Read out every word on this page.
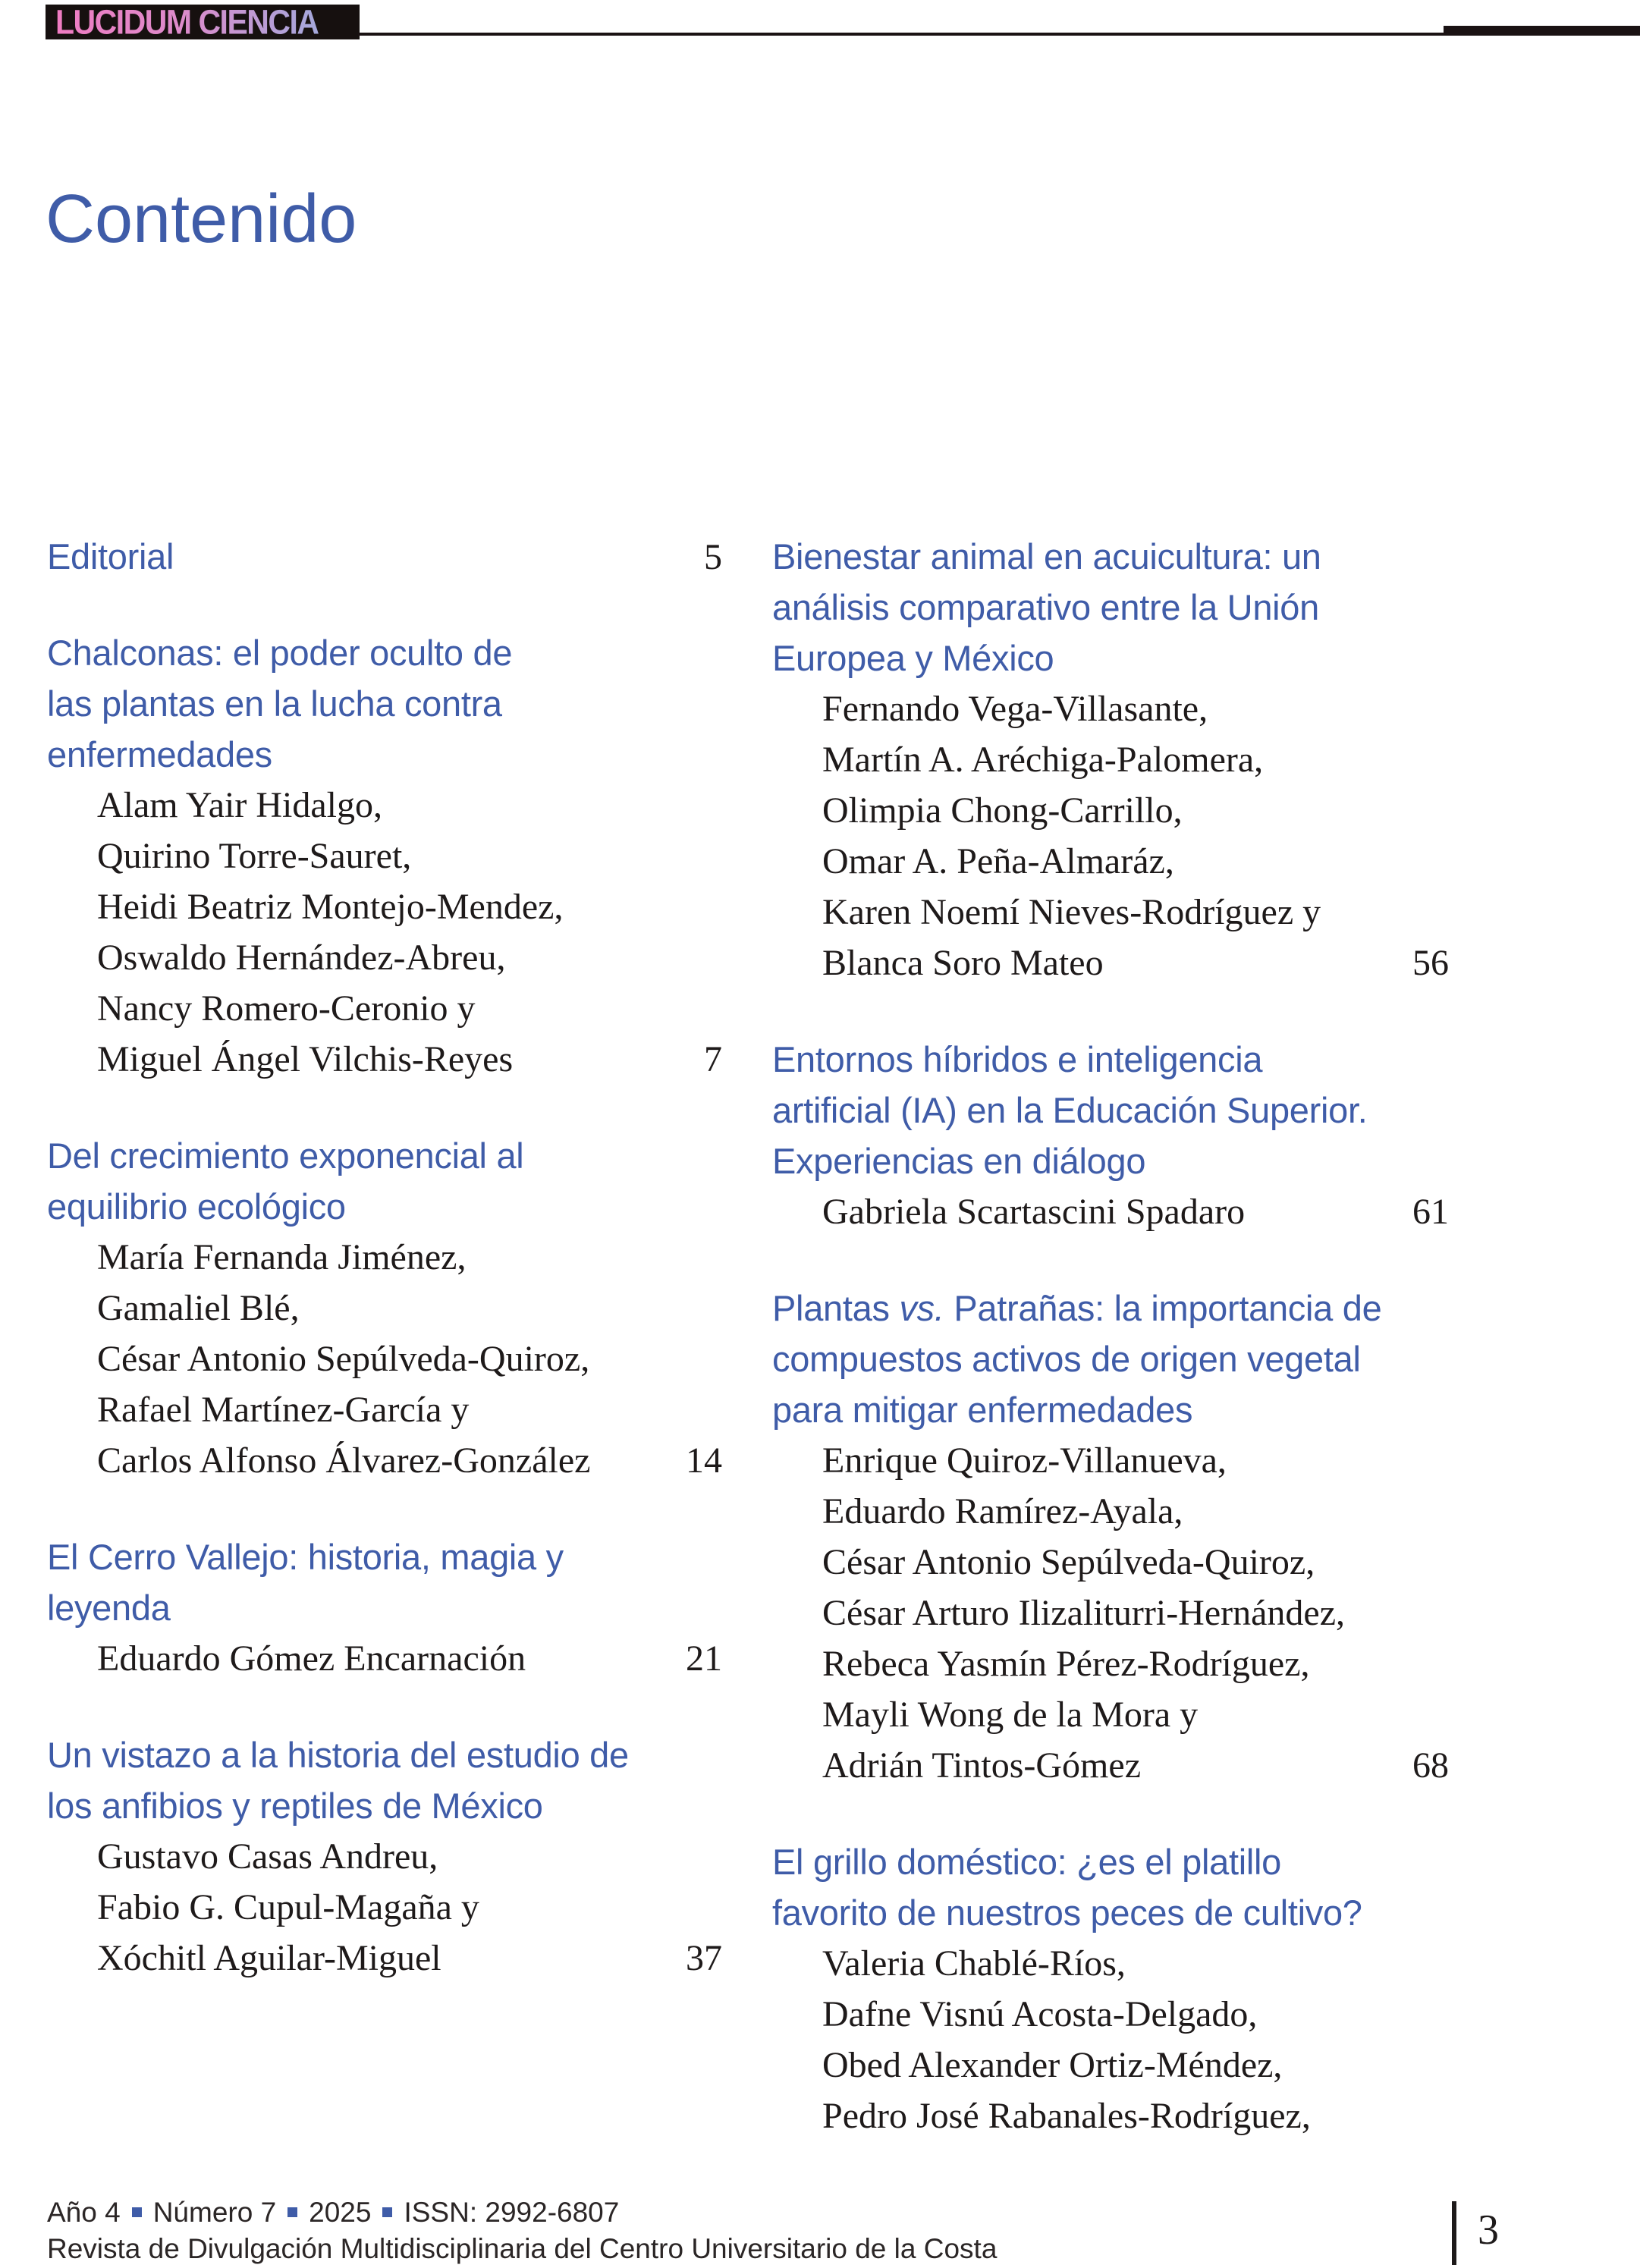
LUCIDUM CIENCIA
Contenido
Editorial	5
Chalconas: el poder oculto de
las plantas en la lucha contra
enfermedades
Alam Yair Hidalgo,
Quirino Torre-Sauret,
Heidi Beatriz Montejo-Mendez,
Oswaldo Hernández-Abreu,
Nancy Romero-Ceronio y
Miguel Ángel Vilchis-Reyes	7
Del crecimiento exponencial al
equilibrio ecológico
María Fernanda Jiménez,
Gamaliel Blé,
César Antonio Sepúlveda-Quiroz,
Rafael Martínez-García y
Carlos Alfonso Álvarez-González	14
El Cerro Vallejo: historia, magia y
leyenda
Eduardo Gómez Encarnación	21
Un vistazo a la historia del estudio de
los anfibios y reptiles de México
Gustavo Casas Andreu,
Fabio G. Cupul-Magaña y
Xóchitl Aguilar-Miguel	37
Bienestar animal en acuicultura: un
análisis comparativo entre la Unión
Europea y México
Fernando Vega-Villasante,
Martín A. Aréchiga-Palomera,
Olimpia Chong-Carrillo,
Omar A. Peña-Almaráz,
Karen Noemí Nieves-Rodríguez y
Blanca Soro Mateo	56
Entornos híbridos e inteligencia
artificial (IA) en la Educación Superior.
Experiencias en diálogo
Gabriela Scartascini Spadaro	61
Plantas vs. Patrañas: la importancia de
compuestos activos de origen vegetal
para mitigar enfermedades
Enrique Quiroz-Villanueva,
Eduardo Ramírez-Ayala,
César Antonio Sepúlveda-Quiroz,
César Arturo Ilizaliturri-Hernández,
Rebeca Yasmín Pérez-Rodríguez,
Mayli Wong de la Mora y
Adrián Tintos-Gómez	68
El grillo doméstico: ¿es el platillo
favorito de nuestros peces de cultivo?
Valeria Chablé-Ríos,
Dafne Visnú Acosta-Delgado,
Obed Alexander Ortiz-Méndez,
Pedro José Rabanales-Rodríguez,
Año 4 Número 7 2025 ISSN: 2992-6807
Revista de Divulgación Multidisciplinaria del Centro Universitario de la Costa	3
